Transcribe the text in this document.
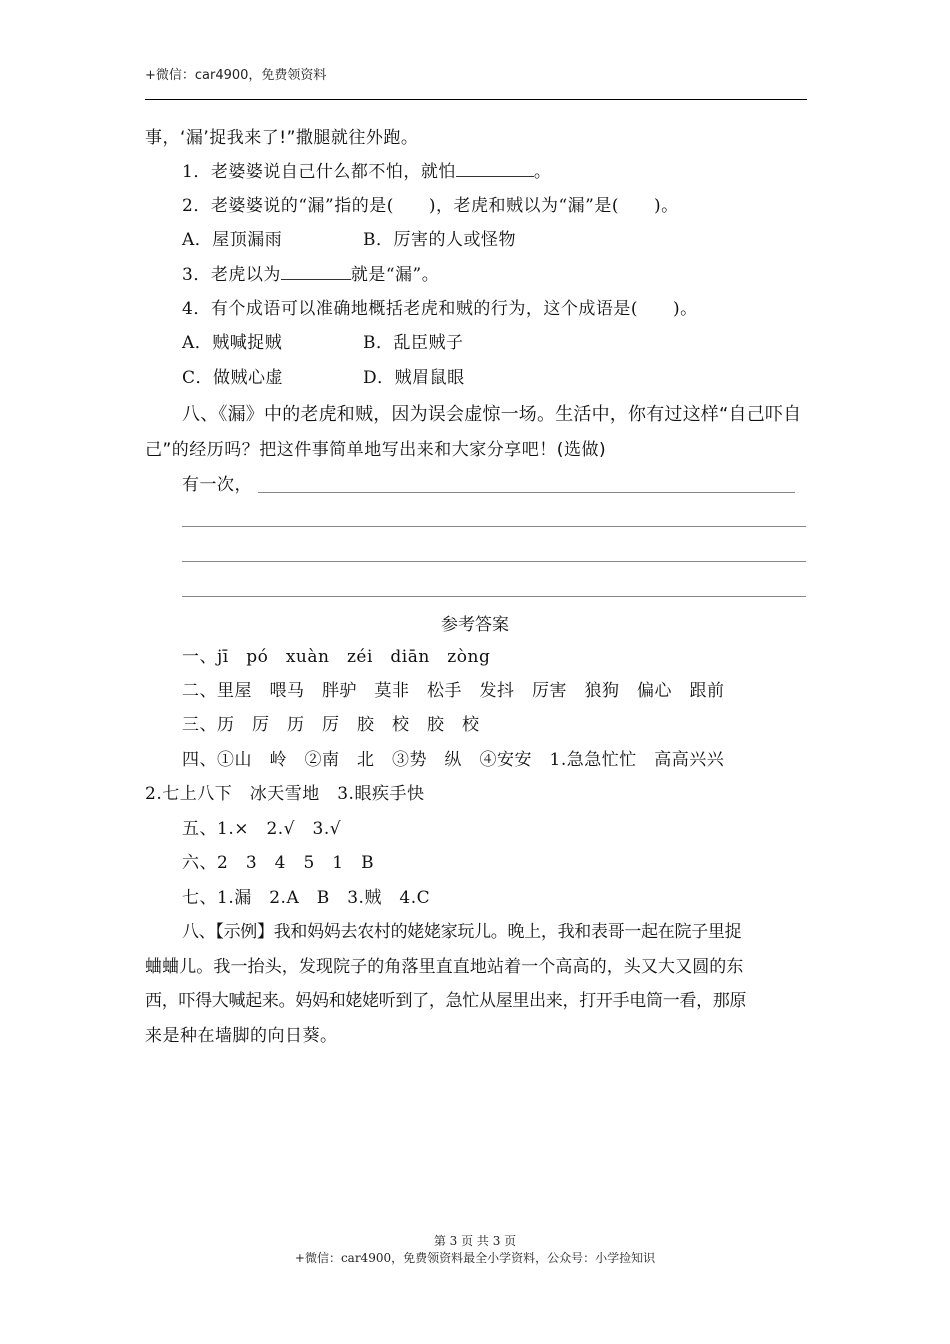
+微信：car4900，免费领资料
事，‘漏’捉我来了!”撒腿就往外跑。
1．老婆婆说自己什么都不怕，就怕	。
2．老婆婆说的“漏”指的是(　　)，老虎和贼以为“漏”是(　　)。
A．屋顶漏雨	B．厉害的人或怪物
3．老虎以为	就是“漏”。
4．有个成语可以准确地概括老虎和贼的行为，这个成语是(　　)。
A．贼喊捉贼	B．乱臣贼子
C．做贼心虚	D．贼眉鼠眼
八、《漏》中的老虎和贼，因为误会虚惊一场。生活中，你有过这样“自己吓自
己”的经历吗？把这件事简单地写出来和大家分享吧！(选做)
有一次，
参考答案
一、jī　pó　xuàn　zéi　diān　zòng
二、里屋　喂马　胖驴　莫非　松手　发抖　厉害　狼狗　偏心　跟前
三、历　厉　历　厉　胶　校　胶　校
四、①山　岭　②南　北　③势　纵　④安安　1.急急忙忙　高高兴兴
2.七上八下　冰天雪地　3.眼疾手快
五、1.×　2.√　3.√
六、2　3　4　5　1　B
七、1.漏　2.A　B　3.贼　4.C
八、【示例】我和妈妈去农村的姥姥家玩儿。晚上，我和表哥一起在院子里捉
蛐蛐儿。我一抬头，发现院子的角落里直直地站着一个高高的，头又大又圆的东
西，吓得大喊起来。妈妈和姥姥听到了，急忙从屋里出来，打开手电筒一看，那原
来是种在墙脚的向日葵。
第 3 页 共 3 页
+微信：car4900，免费领资料最全小学资料，公众号：小学捡知识
